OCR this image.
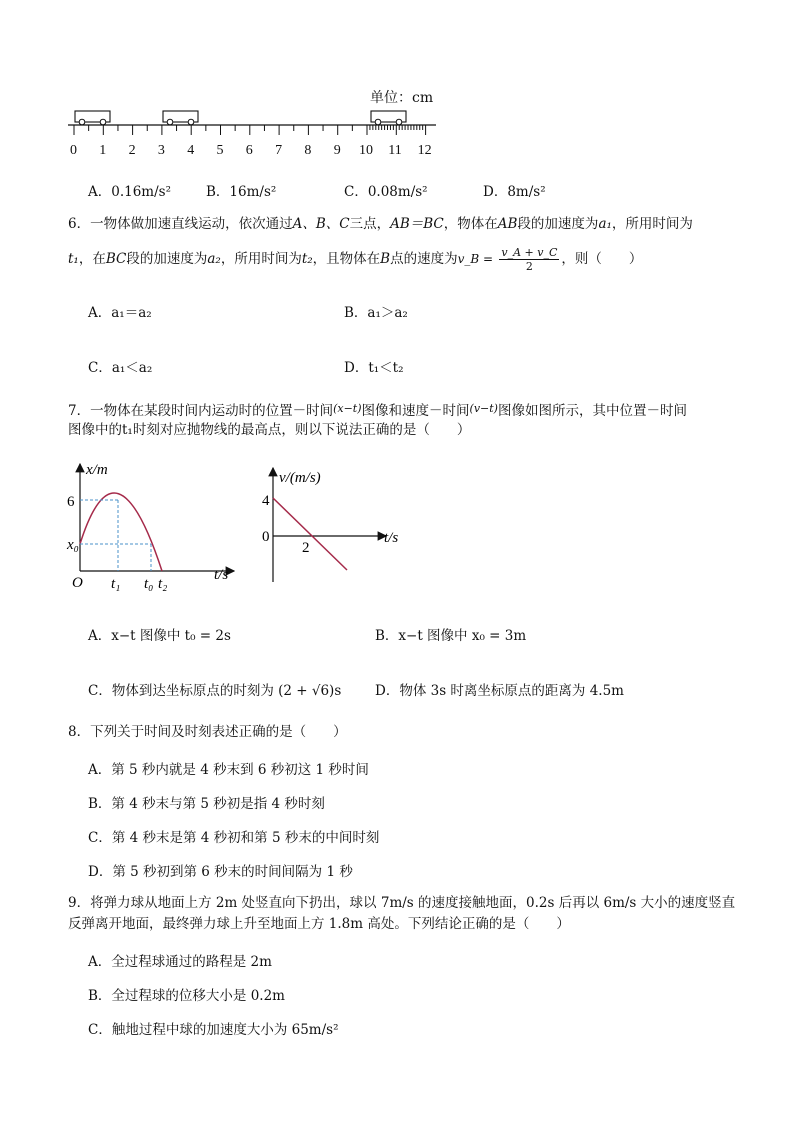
单位：cm
0 1 2 3 4 5 6 7 8 9 10 11 12
A．0.16m/s²	B．16m/s²	C．0.08m/s²	D．8m/s²
6．一物体做加速直线运动，依次通过A、B、C三点，AB＝BC，物体在AB段的加速度为a₁，所用时间为
t₁，在BC段的加速度为a₂，所用时间为t₂，且物体在B点的速度为v_B = $\frac{v\_A + v\_C}{2}$ ，则（　　）
A．a₁＝a₂	B．a₁＞a₂
C．a₁＜a₂	D．t₁＜t₂
7．一物体在某段时间内运动时的位置－时间$^{(x-t)}$图像和速度－时间$^{(v-t)}$图像如图所示，其中位置－时间
图像中的t₁时刻对应抛物线的最高点，则以下说法正确的是（　　）
x/m
t/s
6
x₀
O t₁ t₀ t₂
v/(m/s)
t/s
4
0
2
A．x−t 图像中 t₀ = 2s	B．x−t 图像中 x₀ = 3m
C．物体到达坐标原点的时刻为 (2 + √6)s D．物体 3s 时离坐标原点的距离为 4.5m
8．下列关于时间及时刻表述正确的是（　　）
A．第 5 秒内就是 4 秒末到 6 秒初这 1 秒时间
B．第 4 秒末与第 5 秒初是指 4 秒时刻
C．第 4 秒末是第 4 秒初和第 5 秒末的中间时刻
D．第 5 秒初到第 6 秒末的时间间隔为 1 秒
9．将弹力球从地面上方 2m 处竖直向下扔出，球以 7m/s 的速度接触地面，0.2s 后再以 6m/s 大小的速度竖直
反弹离开地面，最终弹力球上升至地面上方 1.8m 高处。下列结论正确的是（　　）
A．全过程球通过的路程是 2m
B．全过程球的位移大小是 0.2m
C．触地过程中球的加速度大小为 65m/s²
